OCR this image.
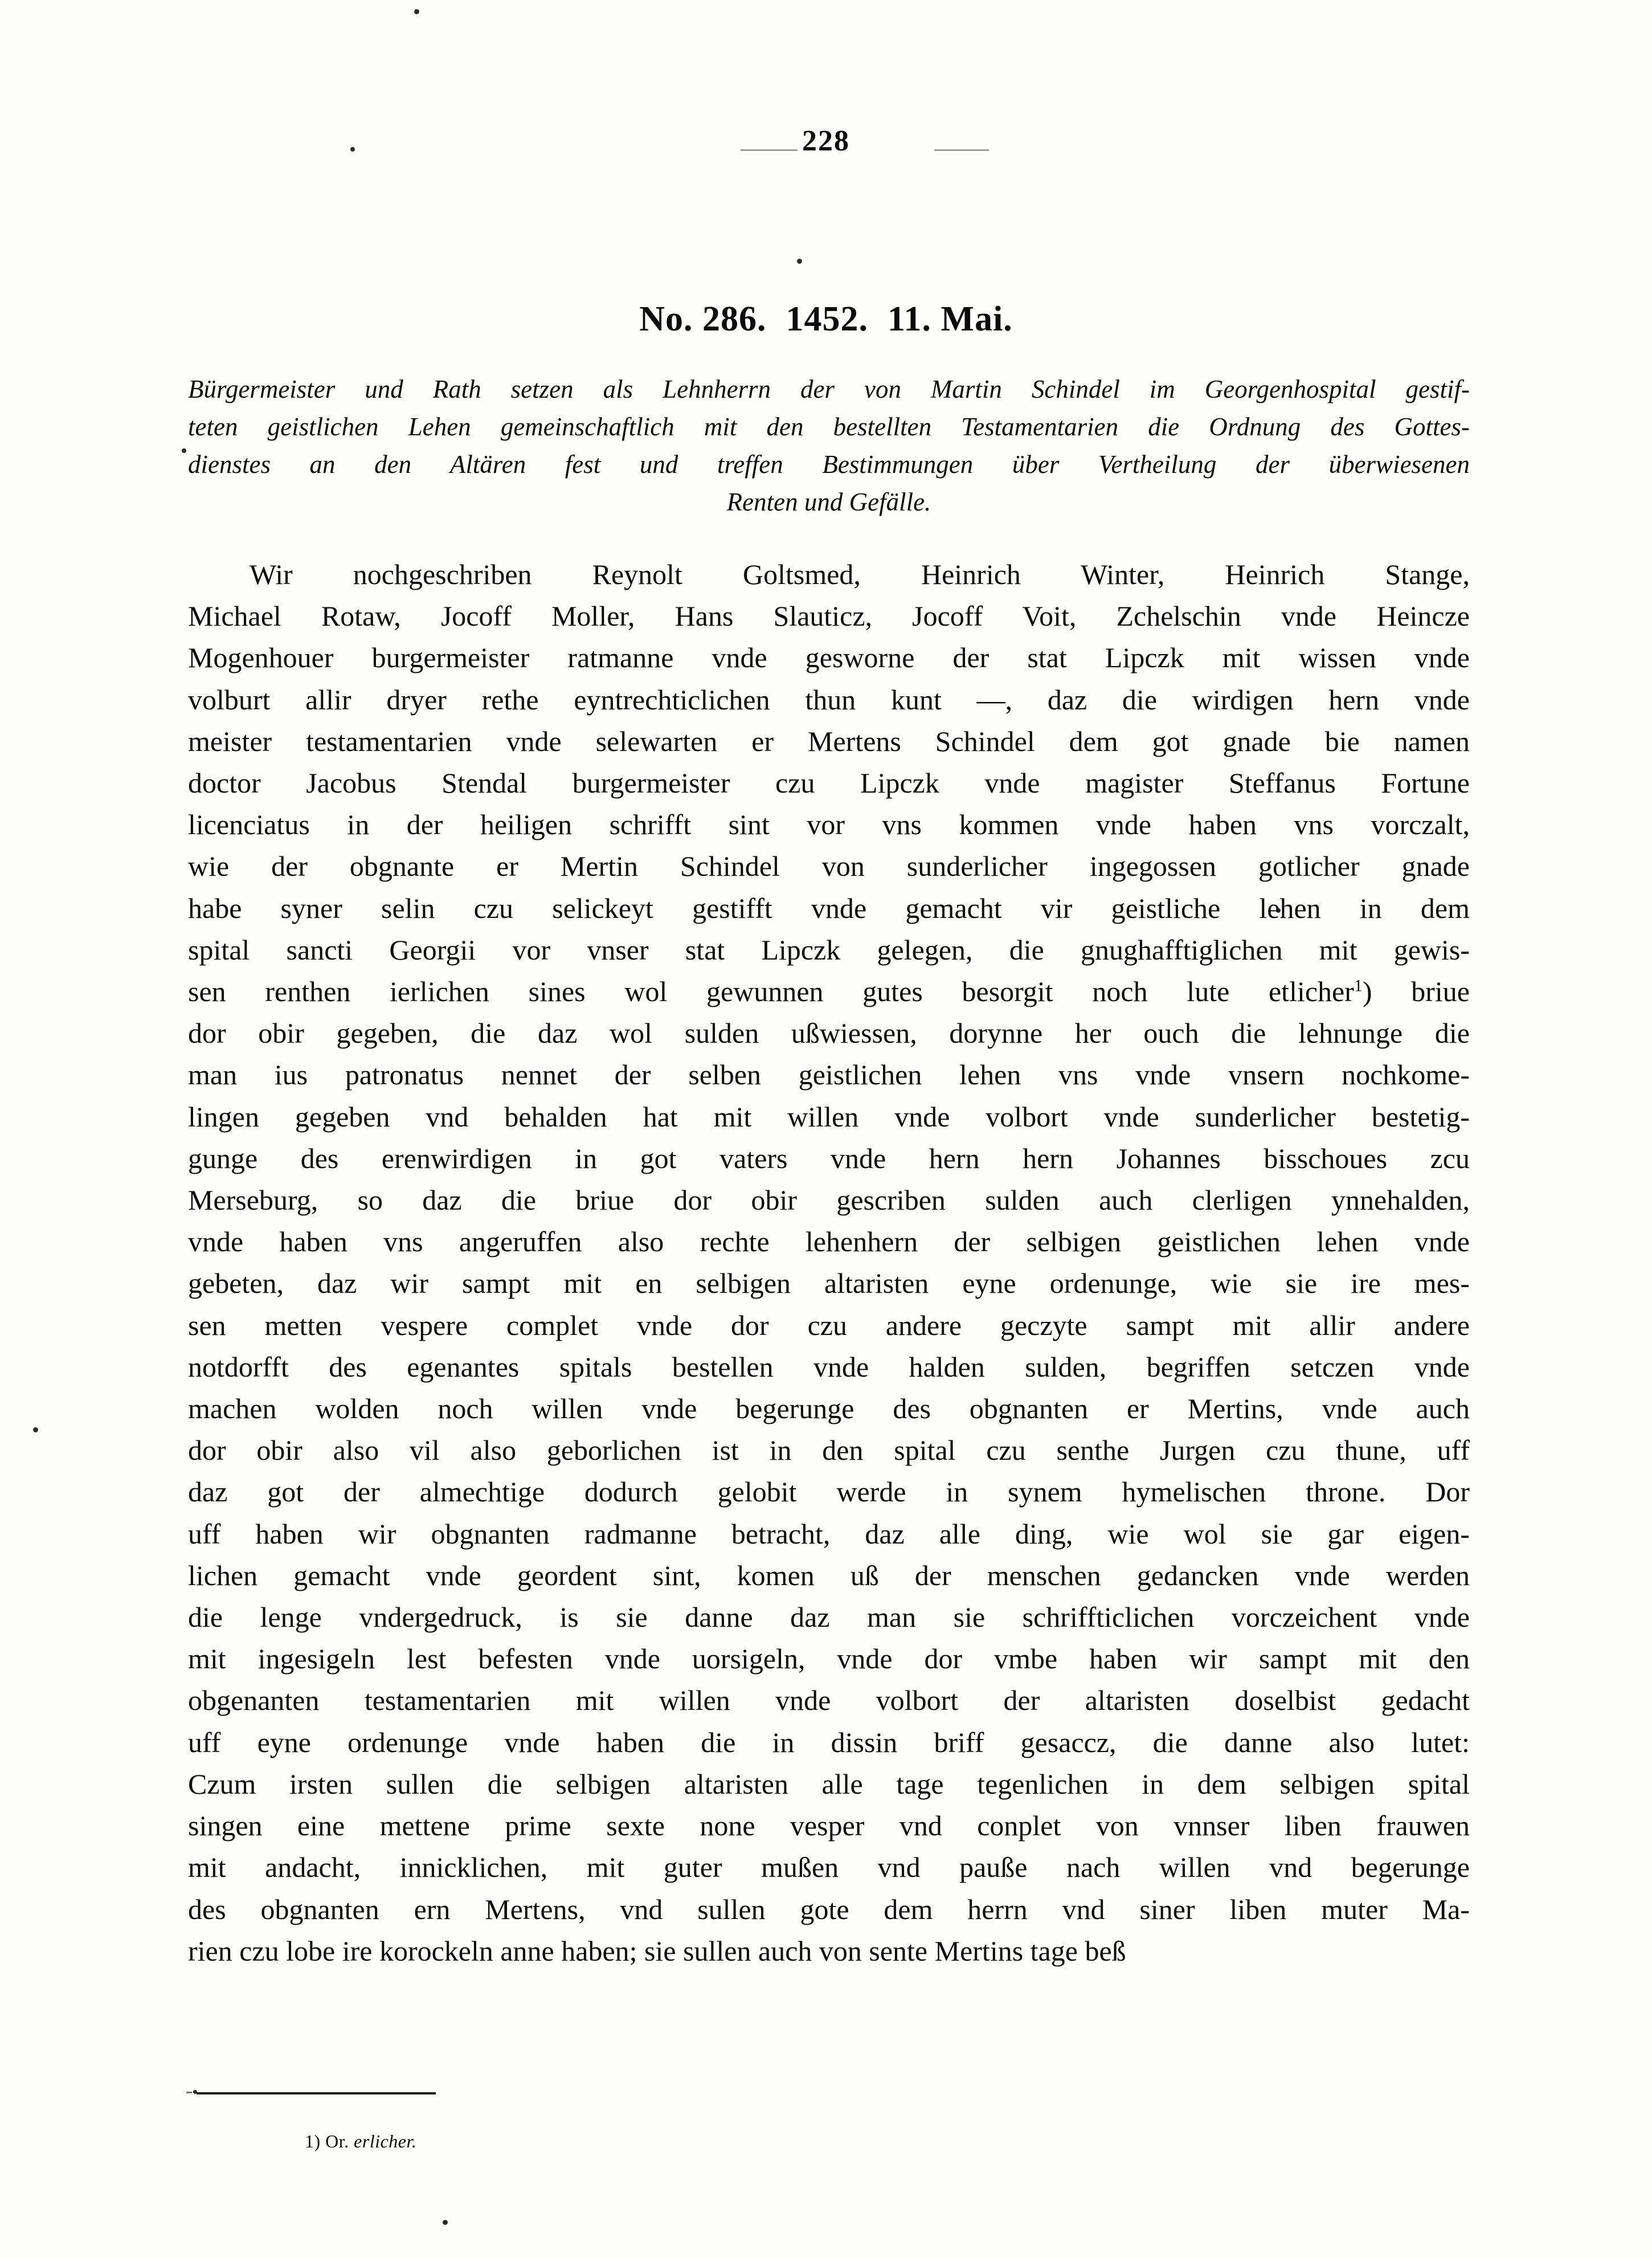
228
No. 286. 1452. 11. Mai.

Bürgermeister und Rath setzen als Lehnherrn der von Martin Schindel im Georgenhospital gestif-

teten geistlichen Lehen gemeinschaftlich mit den bestellten Testamentarien die Ordnung des Gottes-

dienstes an den Altären fest und treffen Bestimmungen über Vertheilung der überwiesenen

Renten und Gefälle.

Wir nochgeschriben Reynolt Goltsmed, Heinrich Winter, Heinrich Stange,
Michael Rotaw, Jocoff Moller, Hans Slauticz, Jocoff Voit, Zchelschin vnde Heincze
Mogenhouer burgermeister ratmanne vnde gesworne der stat Lipczk mit wissen vnde
volburt allir dryer rethe eyntrechticlichen thun kunt —, daz die wirdigen hern vnde
meister testamentarien vnde selewarten er Mertens Schindel dem got gnade bie namen
doctor Jacobus Stendal burgermeister czu Lipczk vnde magister Steffanus Fortune
licenciatus in der heiligen schrifft sint vor vns kommen vnde haben vns vorczalt,
wie der obgnante er Mertin Schindel von sunderlicher ingegossen gotlicher gnade
habe syner selin czu selickeyt gestifft vnde gemacht vir geistliche lehen in dem
spital sancti Georgii vor vnser stat Lipczk gelegen, die gnughafftiglichen mit gewis-
sen renthen ierlichen sines wol gewunnen gutes besorgit noch lute etlicher$^1$) briue
dor obir gegeben, die daz wol sulden ußwiessen, dorynne her ouch die lehnunge die
man ius patronatus nennet der selben geistlichen lehen vns vnde vnsern nochkome-
lingen gegeben vnd behalden hat mit willen vnde volbort vnde sunderlicher bestetig-
gunge des erenwirdigen in got vaters vnde hern hern Johannes bisschoues zcu
Merseburg, so daz die briue dor obir gescriben sulden auch clerligen ynnehalden,
vnde haben vns angeruffen also rechte lehenhern der selbigen geistlichen lehen vnde
gebeten, daz wir sampt mit en selbigen altaristen eyne ordenunge, wie sie ire mes-
sen metten vespere complet vnde dor czu andere geczyte sampt mit allir andere
notdorfft des egenantes spitals bestellen vnde halden sulden, begriffen setczen vnde
machen wolden noch willen vnde begerunge des obgnanten er Mertins, vnde auch
dor obir also vil also geborlichen ist in den spital czu senthe Jurgen czu thune, uff
daz got der almechtige dodurch gelobit werde in synem hymelischen throne. Dor
uff haben wir obgnanten radmanne betracht, daz alle ding, wie wol sie gar eigen-
lichen gemacht vnde geordent sint, komen uß der menschen gedancken vnde werden
die lenge vndergedruck, is sie danne daz man sie schriffticlichen vorczeichent vnde
mit ingesigeln lest befesten vnde uorsigeln, vnde dor vmbe haben wir sampt mit den
obgenanten testamentarien mit willen vnde volbort der altaristen doselbist gedacht
uff eyne ordenunge vnde haben die in dissin briff gesaccz, die danne also lutet:
Czum irsten sullen die selbigen altaristen alle tage tegenlichen in dem selbigen spital
singen eine mettene prime sexte none vesper vnd conplet von vnnser liben frauwen
mit andacht, innicklichen, mit guter mußen vnd pauße nach willen vnd begerunge
des obgnanten ern Mertens, vnd sullen gote dem herrn vnd siner liben muter Ma-
rien czu lobe ire korockeln anne haben; sie sullen auch von sente Mertins tage beß
1) Or. erlicher.
